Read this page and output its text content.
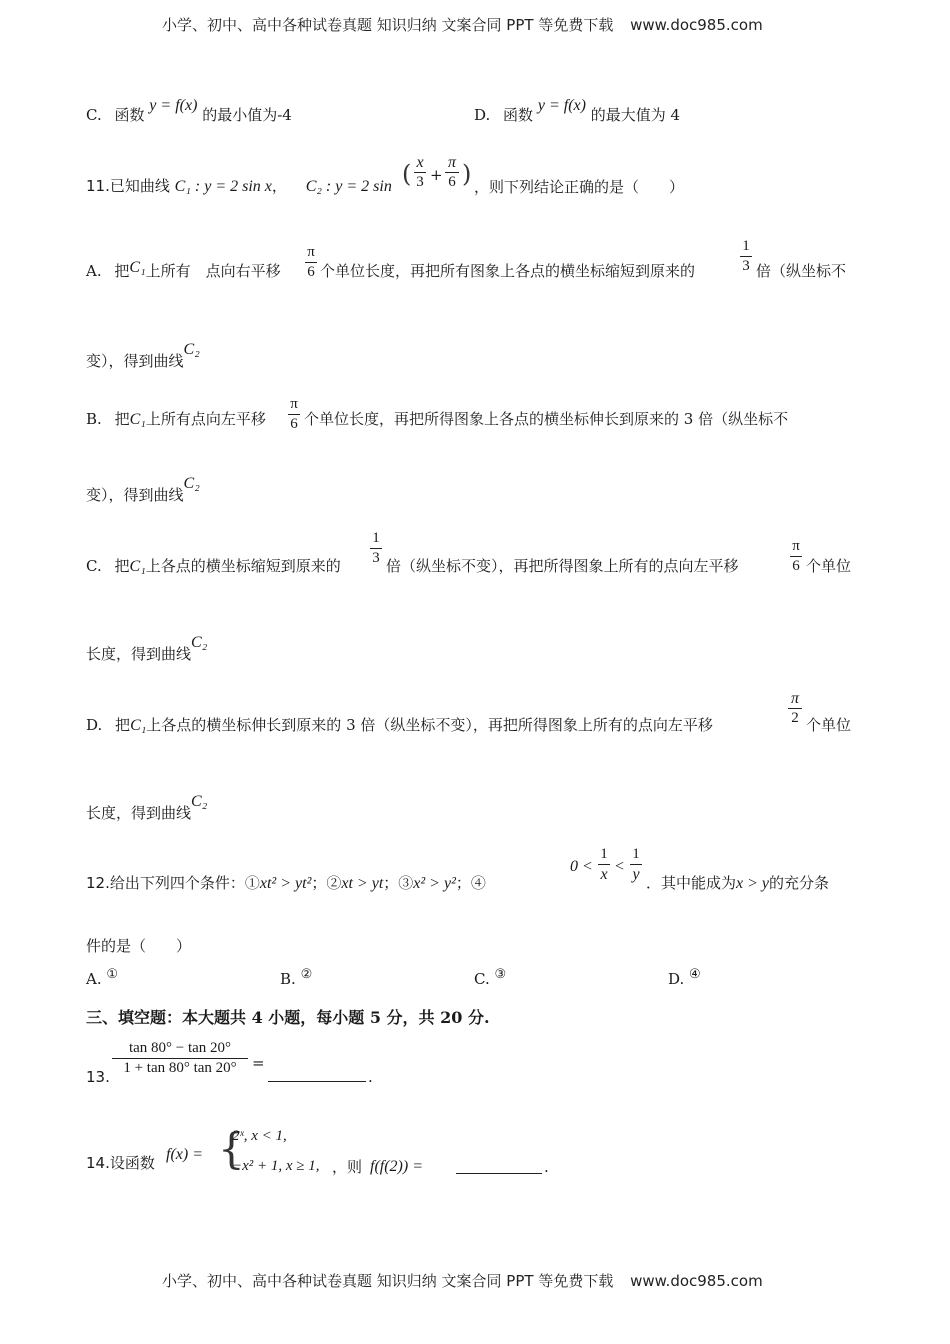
小学、初中、高中各种试卷真题 知识归纳 文案合同 PPT 等免费下载 www.doc985.com
C. 函数 y = f(x) 的最小值为-4	D. 函数 y = f(x) 的最大值为 4
11.已知曲线 C₁ : y = 2 sin x， C₂ : y = 2 sin ( x
3 +
π
6 ) ，则下列结论正确的是（　　）
A. 把C₁上所有　点向右平移
π
6 个单位长度，再把所有图象上各点的横坐标缩短到原来的
1
3 倍（纵坐标不
变），得到曲线C₂
B. 把C₁上所有点向左平移
π
6 个单位长度，再把所得图象上各点的横坐标伸长到原来的 3 倍（纵坐标不
变），得到曲线C₂
C. 把C₁上各点的横坐标缩短到原来的
1
3 倍（纵坐标不变），再把所得图象上所有的点向左平移
π
6 个单位
长度，得到曲线C₂
D. 把C₁上各点的横坐标伸长到原来的 3 倍（纵坐标不变），再把所得图象上所有的点向左平移
π
2 个单位
长度，得到曲线C₂
12.给出下列四个条件：①xt² > yt²；②xt > yt；③x² > y²；④
0 <
1
x <
1
y ．其中能成为x > y的充分条
件的是（　　）
A. ①	B. ②	C. ③	D. ④
三、填空题：本大题共 4 小题，每小题 5 分，共 20 分.
tan 80° − tan 20°
1 + tan 80° tan 20°	=
13.	.
14.设函数 f(x) = {
2ˣ, x < 1,
−x² + 1, x ≥ 1, ，则 f(f(2)) =	.
小学、初中、高中各种试卷真题 知识归纳 文案合同 PPT 等免费下载 www.doc985.com
